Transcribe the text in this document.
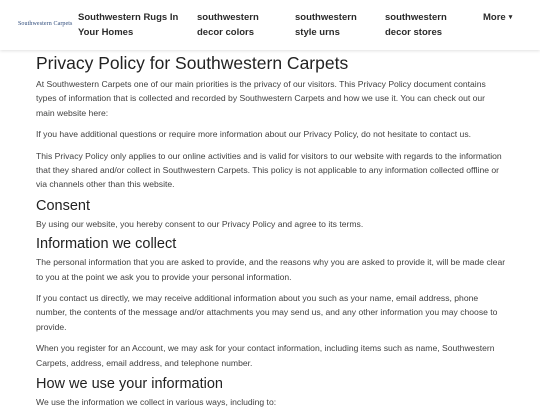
Southwestern Carpets
Southwestern Rugs In Your Homes
southwestern decor colors
southwestern style urns
southwestern decor stores
More ▾
Privacy Policy for Southwestern Carpets

At Southwestern Carpets one of our main priorities is the privacy of our visitors. This Privacy Policy document contains types of information that is collected and recorded by Southwestern Carpets and how we use it. You can check out our main website here:

If you have additional questions or require more information about our Privacy Policy, do not hesitate to contact us.

This Privacy Policy only applies to our online activities and is valid for visitors to our website with regards to the information that they shared and/or collect in Southwestern Carpets. This policy is not applicable to any information collected offline or via channels other than this website.

Consent

By using our website, you hereby consent to our Privacy Policy and agree to its terms.

Information we collect

The personal information that you are asked to provide, and the reasons why you are asked to provide it, will be made clear to you at the point we ask you to provide your personal information.

If you contact us directly, we may receive additional information about you such as your name, email address, phone number, the contents of the message and/or attachments you may send us, and any other information you may choose to provide.

When you register for an Account, we may ask for your contact information, including items such as name, Southwestern Carpets, address, email address, and telephone number.

How we use your information

We use the information we collect in various ways, including to:
